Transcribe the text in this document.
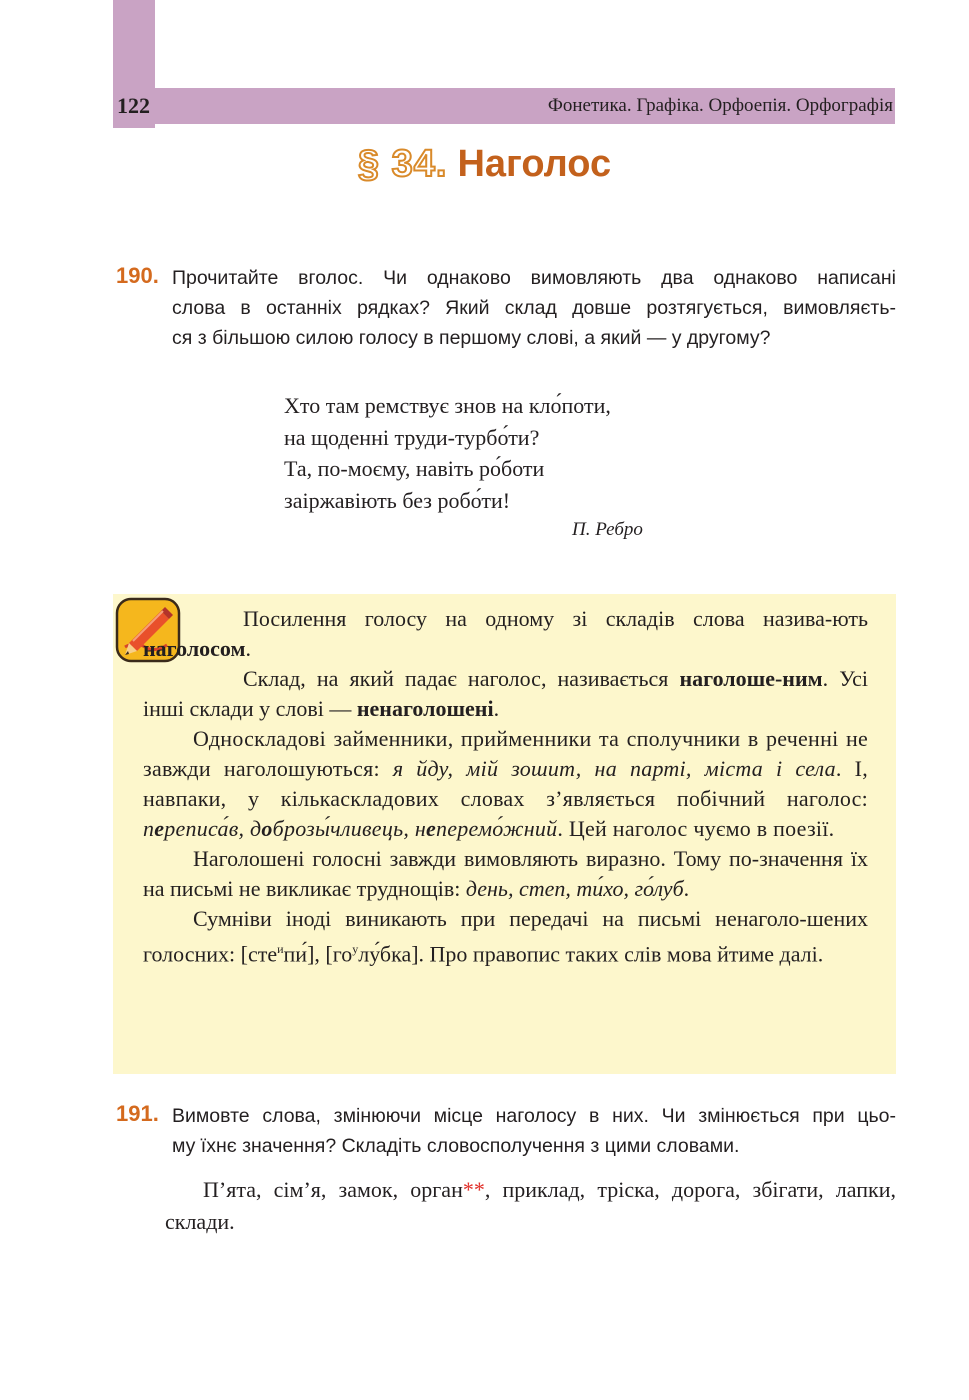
122	Фонетика. Графіка. Орфоепія. Орфографія
§ 34. Наголос
190. Прочитайте вголос. Чи однаково вимовляють два однаково написані
слова в останніх рядках? Який склад довше розтягується, вимовляєть-
ся з більшою силою голосу в першому слові, а який — у другому?
Хто там ремствує знов на кло́поти,
на щоденні труди-турбо́ти?
Та, по-моєму, навіть ро́боти
заіржавіють без робо́ти!
П. Ребро

Посилення голосу на одному зі складів слова назива-ють наголосом.

Склад, на який падає наголос, називається наголоше-ним. Усі інші склади у слові — ненаголошені.

Односкладові займенники, прийменники та сполучники в реченні не завжди наголошуються: я йду, мій зошит, на парті, міста і села. І, навпаки, у кількаскладових словах з’являється побічний наголос: переписа́в, доброзы́чливець, неперемо́жний. Цей наголос чуємо в поезії.

Наголошені голосні завжди вимовляють виразно. Тому по-значення їх на письмі не викликає труднощів: день, степ, ти́хо, го́луб.

Сумніви іноді виникають при передачі на письмі ненаголо-шених голосних: [сте$^и$пи́], $[го^улу́бка]$. Про правопис таких слів мова йтиме далі.

191. Вимовте слова, змінюючи місце наголосу в них. Чи змінюється при цьо-
му їхнє значення? Складіть словосполучення з цими словами.
П’ята, сім’я, замок, орган**, приклад, тріска, дорога, збігати, лапки, склади.
